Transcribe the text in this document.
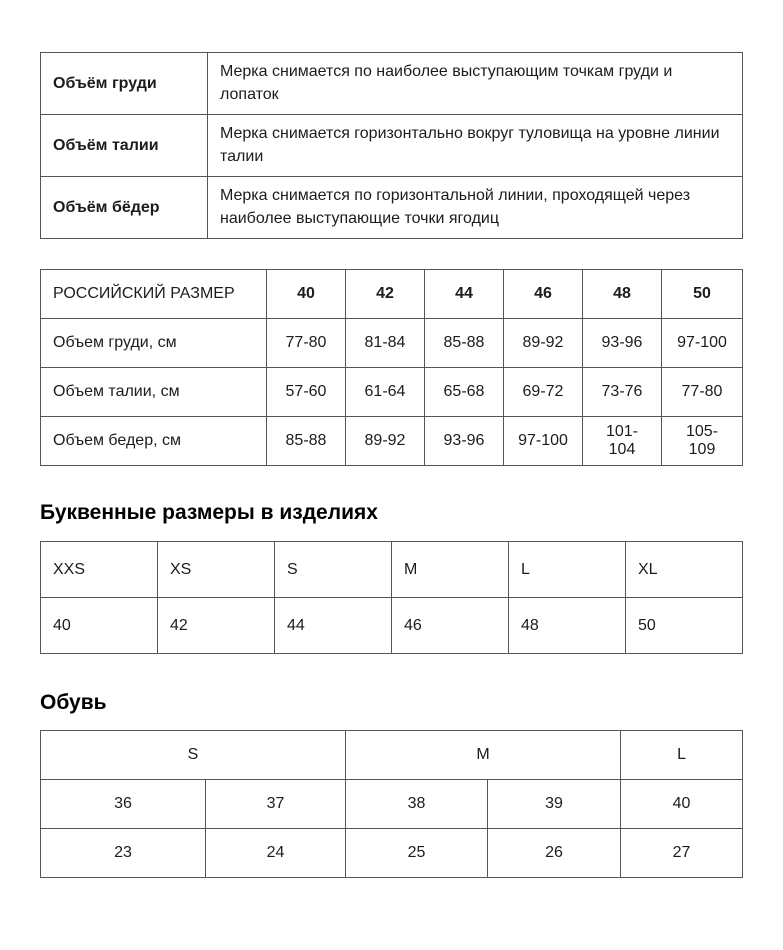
Объём груди	Мерка снимается по наиболее выступающим точкам груди и лопаток
Объём талии	Мерка снимается горизонтально вокруг туловища на уровне линии талии
Объём бёдер	Мерка снимается по горизонтальной линии, проходящей через наиболее выступающие точки ягодиц
РОССИЙСКИЙ РАЗМЕР	40	42	44	46	48	50
Объем груди, см	77-80	81-84	85-88	89-92	93-96	97-100
Объем талии, см	57-60	61-64	65-68	69-72	73-76	77-80
Объем бедер, см	85-88	89-92	93-96	97-100	101-104	105-109
Буквенные размеры в изделиях
XXS	XS	S	M	L	XL
40	42	44	46	48	50
Обувь
S		M		L
36	37	38	39	40
23	24	25	26	27
